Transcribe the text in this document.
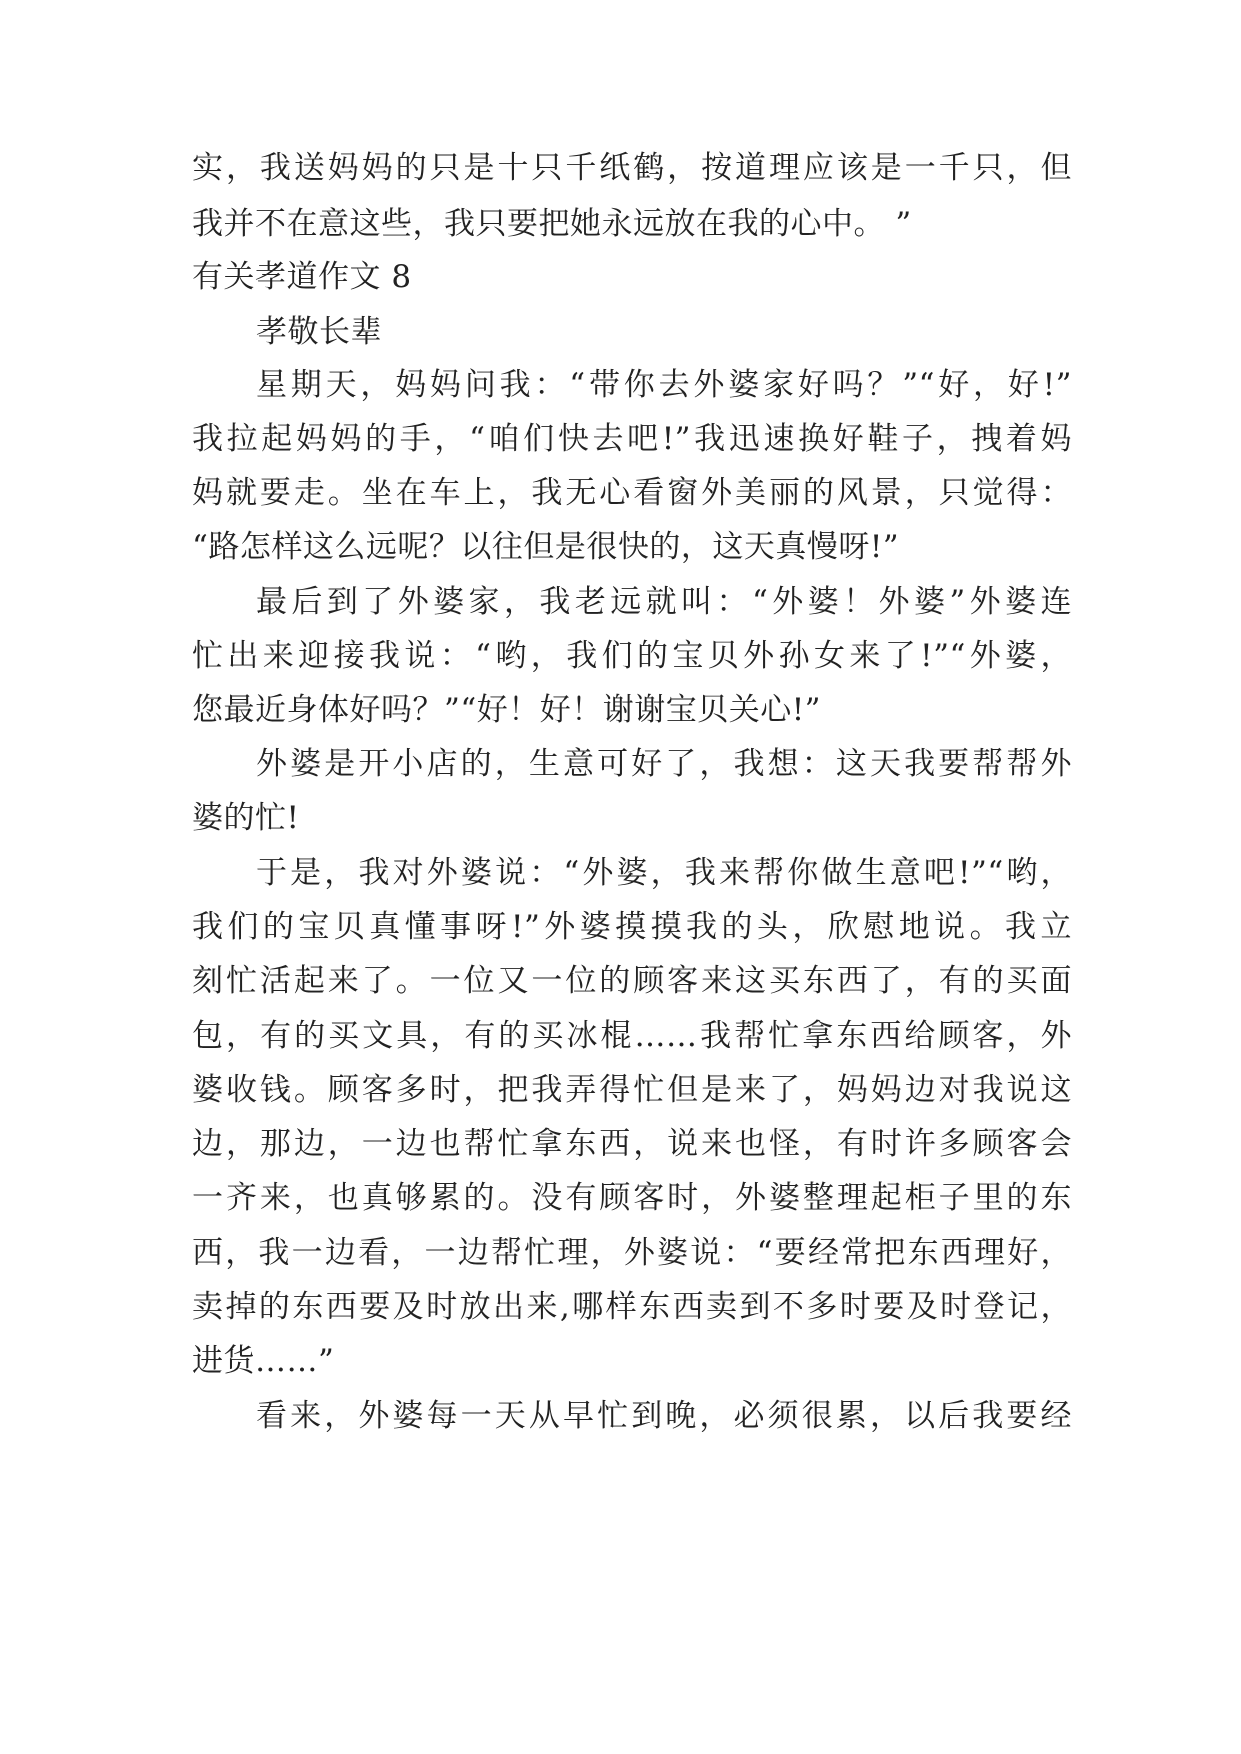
实，我送妈妈的只是十只千纸鹤，按道理应该是一千只，但
我并不在意这些，我只要把她永远放在我的心中。 ”
有关孝道作文 8
孝敬长辈
星期天，妈妈问我：“带你去外婆家好吗？”“好，好!”
我拉起妈妈的手，“咱们快去吧!”我迅速换好鞋子，拽着妈
妈就要走。坐在车上，我无心看窗外美丽的风景，只觉得：
“路怎样这么远呢？以往但是很快的，这天真慢呀!”
最后到了外婆家，我老远就叫：“外婆！外婆”外婆连
忙出来迎接我说：“哟，我们的宝贝外孙女来了!”“外婆，
您最近身体好吗？”“好！好！谢谢宝贝关心!”
外婆是开小店的，生意可好了，我想：这天我要帮帮外
婆的忙!
于是，我对外婆说：“外婆，我来帮你做生意吧!”“哟，
我们的宝贝真懂事呀!”外婆摸摸我的头，欣慰地说。我立
刻忙活起来了。一位又一位的顾客来这买东西了，有的买面
包，有的买文具，有的买冰棍……我帮忙拿东西给顾客，外
婆收钱。顾客多时，把我弄得忙但是来了，妈妈边对我说这
边，那边，一边也帮忙拿东西，说来也怪，有时许多顾客会
一齐来，也真够累的。没有顾客时，外婆整理起柜子里的东
西，我一边看，一边帮忙理，外婆说：“要经常把东西理好，
卖掉的东西要及时放出来,哪样东西卖到不多时要及时登记，
进货……”
看来，外婆每一天从早忙到晚，必须很累，以后我要经
